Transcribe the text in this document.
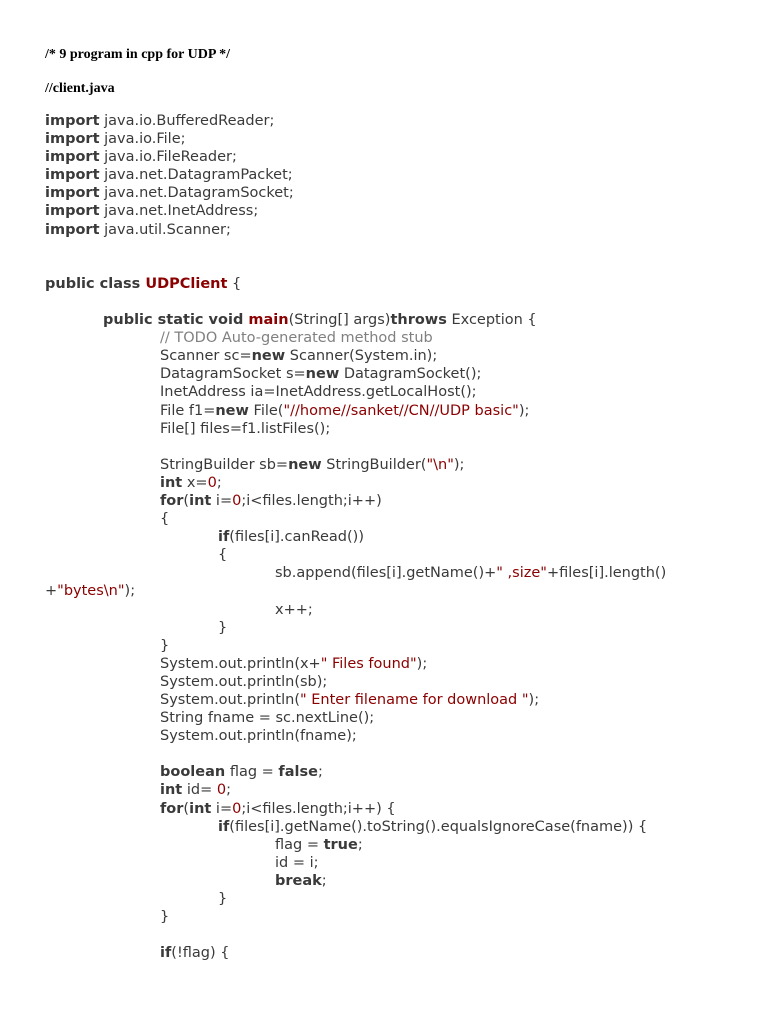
/* 9 program in cpp for UDP */
//client.java
import java.io.BufferedReader;
import java.io.File;
import java.io.FileReader;
import java.net.DatagramPacket;
import java.net.DatagramSocket;
import java.net.InetAddress;
import java.util.Scanner;
public class UDPClient {
public static void main(String[] args)throws Exception {
// TODO Auto-generated method stub
Scanner sc=new Scanner(System.in);
DatagramSocket s=new DatagramSocket();
InetAddress ia=InetAddress.getLocalHost();
File f1=new File("//home//sanket//CN//UDP basic");
File[] files=f1.listFiles();
StringBuilder sb=new StringBuilder("\n");
int x=0;
for(int i=0;i<files.length;i++)
{
if(files[i].canRead())
{
sb.append(files[i].getName()+" ,size"+files[i].length()
+"bytes\n");
x++;
}
}
System.out.println(x+" Files found");
System.out.println(sb);
System.out.println(" Enter filename for download ");
String fname = sc.nextLine();
System.out.println(fname);
boolean flag = false;
int id= 0;
for(int i=0;i<files.length;i++) {
if(files[i].getName().toString().equalsIgnoreCase(fname)) {
flag = true;
id = i;
break;
}
}
if(!flag) {
